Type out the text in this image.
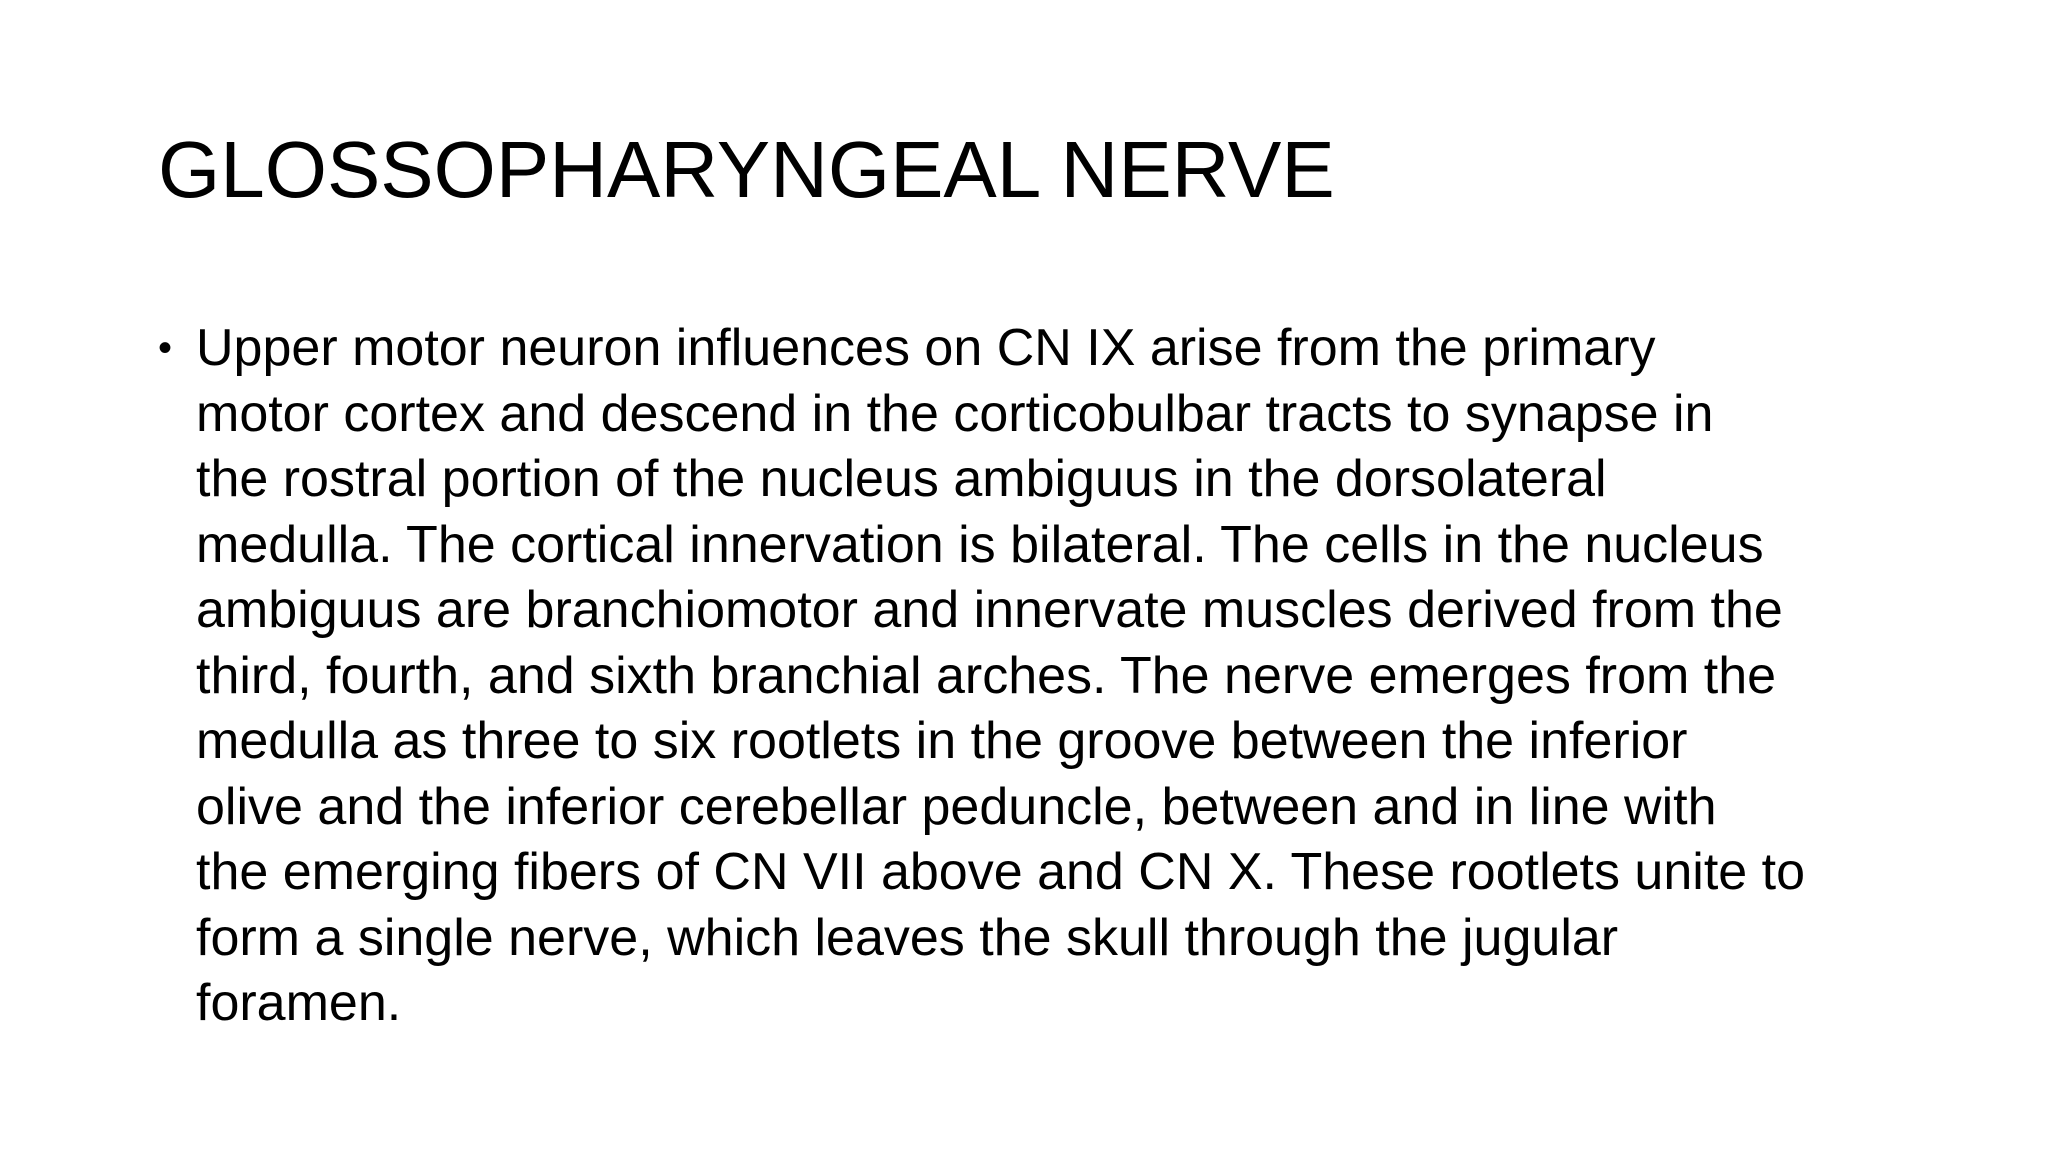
GLOSSOPHARYNGEAL NERVE
• Upper motor neuron influences on CN IX arise from the primary
motor cortex and descend in the corticobulbar tracts to synapse in
the rostral portion of the nucleus ambiguus in the dorsolateral
medulla. The cortical innervation is bilateral. The cells in the nucleus
ambiguus are branchiomotor and innervate muscles derived from the
third, fourth, and sixth branchial arches. The nerve emerges from the
medulla as three to six rootlets in the groove between the inferior
olive and the inferior cerebellar peduncle, between and in line with
the emerging fibers of CN VII above and CN X. These rootlets unite to
form a single nerve, which leaves the skull through the jugular
foramen.
